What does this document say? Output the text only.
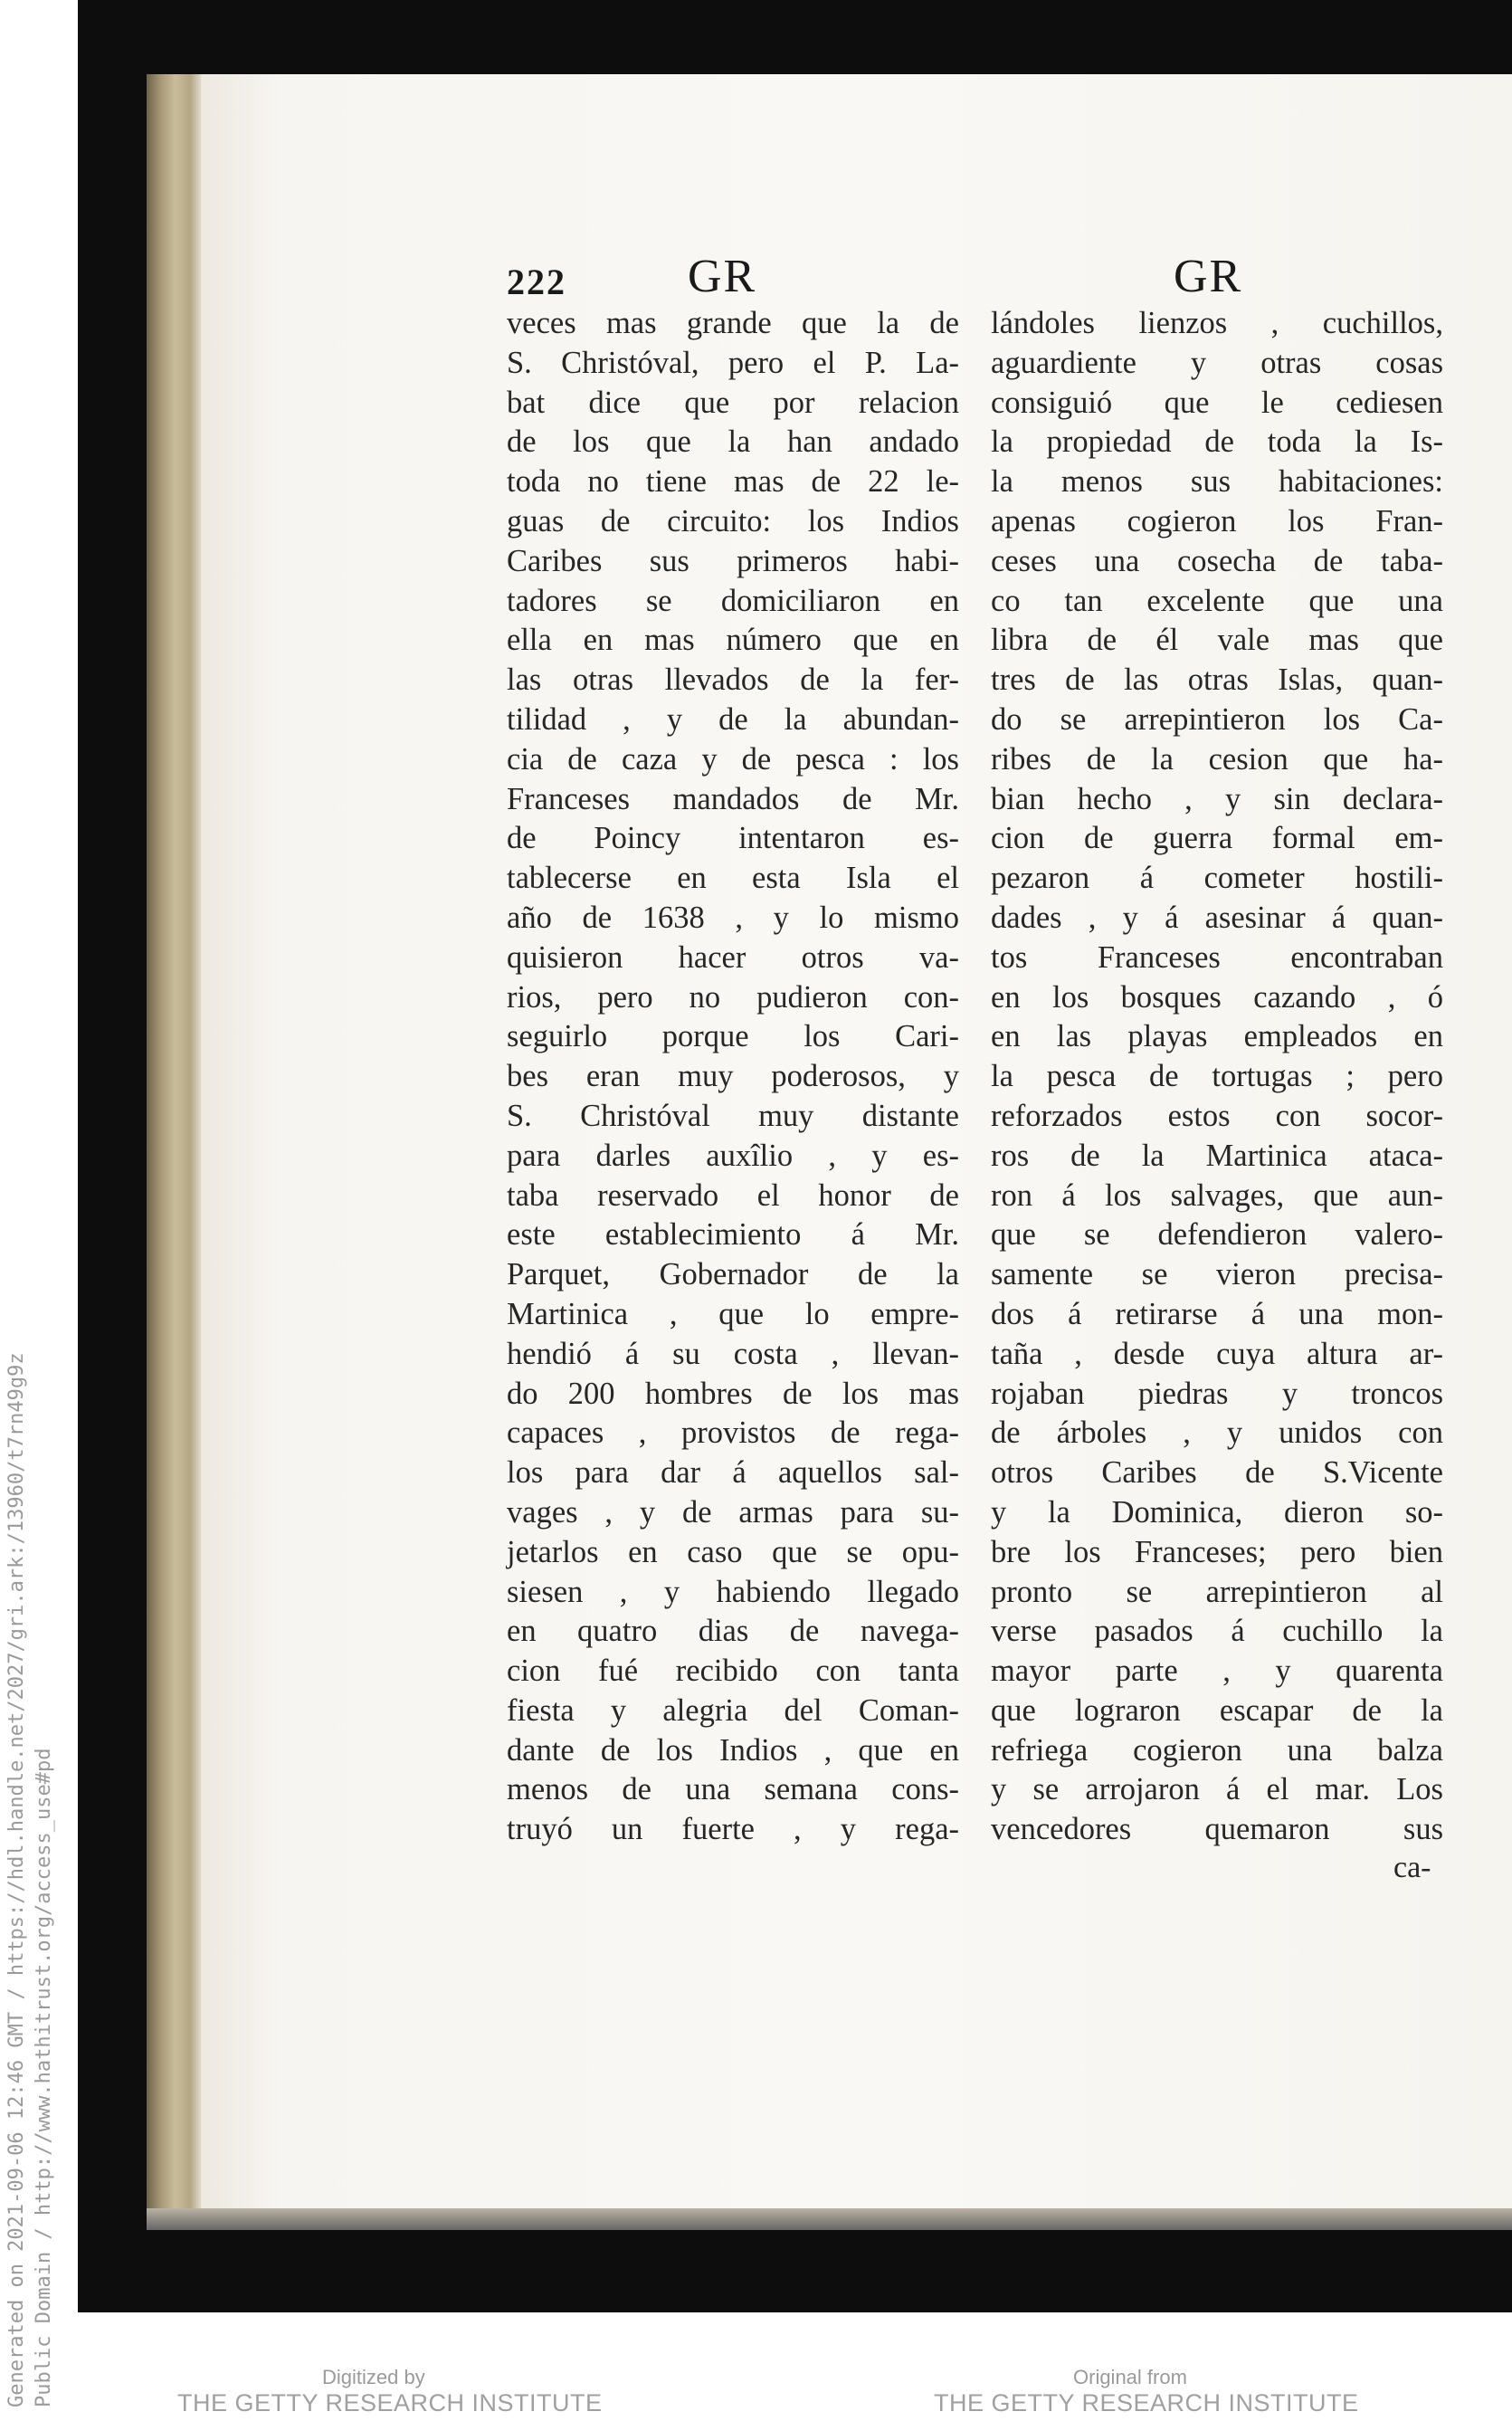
Generated on 2021-09-06 12:46 GMT / https://hdl.handle.net/2027/gri.ark:/13960/t7rn49g9z Public Domain / http://www.hathitrust.org/access_use#pd
222	GR	GR
veces mas grande que la de
S. Christóval, pero el P. La-
bat dice que por relacion
de los que la han andado
toda no tiene mas de 22 le-
guas de circuito: los Indios
Caribes sus primeros habi-
tadores se domiciliaron en
ella en mas número que en
las otras llevados de la fer-
tilidad , y de la abundan-
cia de caza y de pesca : los
Franceses mandados de Mr.
de Poincy intentaron es-
tablecerse en esta Isla el
año de 1638 , y lo mismo
quisieron hacer otros va-
rios, pero no pudieron con-
seguirlo porque los Cari-
bes eran muy poderosos, y
S. Christóval muy distante
para darles auxîlio , y es-
taba reservado el honor de
este establecimiento á Mr.
Parquet, Gobernador de la
Martinica , que lo empre-
hendió á su costa , llevan-
do 200 hombres de los mas
capaces , provistos de rega-
los para dar á aquellos sal-
vages , y de armas para su-
jetarlos en caso que se opu-
siesen , y habiendo llegado
en quatro dias de navega-
cion fué recibido con tanta
fiesta y alegria del Coman-
dante de los Indios , que en
menos de una semana cons-
truyó un fuerte , y rega-
lándoles lienzos , cuchillos,
aguardiente y otras cosas
consiguió que le cediesen
la propiedad de toda la Is-
la menos sus habitaciones:
apenas cogieron los Fran-
ceses una cosecha de taba-
co tan excelente que una
libra de él vale mas que
tres de las otras Islas, quan-
do se arrepintieron los Ca-
ribes de la cesion que ha-
bian hecho , y sin declara-
cion de guerra formal em-
pezaron á cometer hostili-
dades , y á asesinar á quan-
tos Franceses encontraban
en los bosques cazando , ó
en las playas empleados en
la pesca de tortugas ; pero
reforzados estos con socor-
ros de la Martinica ataca-
ron á los salvages, que aun-
que se defendieron valero-
samente se vieron precisa-
dos á retirarse á una mon-
taña , desde cuya altura ar-
rojaban piedras y troncos
de árboles , y unidos con
otros Caribes de S.Vicente
y la Dominica, dieron so-
bre los Franceses; pero bien
pronto se arrepintieron al
verse pasados á cuchillo la
mayor parte , y quarenta
que lograron escapar de la
refriega cogieron una balza
y se arrojaron á el mar. Los
vencedores quemaron sus
ca-
Digitized by
THE GETTY RESEARCH INSTITUTE
Original from
THE GETTY RESEARCH INSTITUTE
